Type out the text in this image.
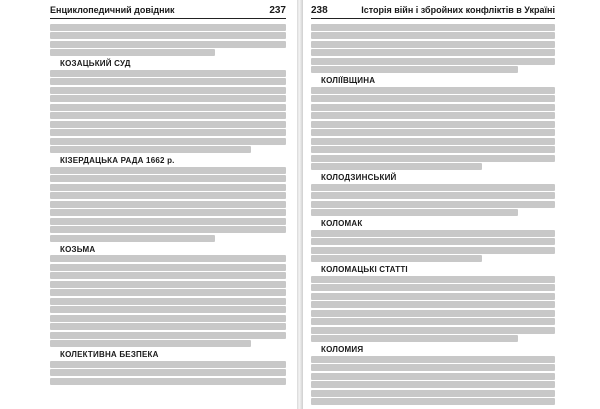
Енциклопедичний довідник	237
КОЗАЦЬКИЙ СУД
КІЗЕРДАЦЬКА РАДА 1662 р.
КОЗЬМА
КОЛЕКТИВНА БЕЗПЕКА
238	Історія війн і збройних конфліктів в Україні
КОЛІЇВЩИНА
КОЛОДЗИНСЬКИЙ
КОЛОМАК
КОЛОМАЦЬКІ СТАТТІ
КОЛОМИЯ
